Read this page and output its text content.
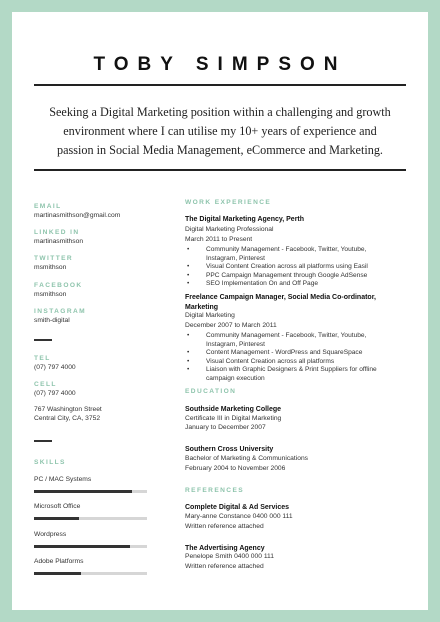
TOBY SIMPSON
Seeking a Digital Marketing position within a challenging and growth environment where I can utilise my 10+ years of experience and passion in Social Media Management, eCommerce and Marketing.
EMAIL
martinasmithson@gmail.com
LINKED IN
martinasmithson
TWITTER
msmithson
FACEBOOK
msmithson
INSTAGRAM
smith-digital
TEL
(07) 797 4000
CELL
(07) 797 4000
767 Washington Street
Central City, CA, 3752
SKILLS
PC / MAC Systems
Microsoft Office
Wordpress
Adobe Platforms
WORK EXPERIENCE
The Digital Marketing Agency, Perth
Digital Marketing Professional
March 2011 to Present
• Community Management - Facebook, Twitter, Youtube, Instagram, Pinterest
• Visual Content Creation across all platforms using Easil
• PPC Campaign Management through Google AdSense
• SEO Implementation On and Off Page
Freelance Campaign Manager, Social Media Co-ordinator, Marketing
Digital Marketing
December 2007 to March 2011
• Community Management - Facebook, Twitter, Youtube, Instagram, Pinterest
• Content Management - WordPress and SquareSpace
• Visual Content Creation across all platforms
• Liaison with Graphic Designers & Print Suppliers for offline campaign execution
EDUCATION
Southside Marketing College
Certificate III in Digital Marketing
January to December 2007
Southern Cross University
Bachelor of Marketing & Communications
February 2004 to November 2006
REFERENCES
Complete Digital & Ad Services
Mary-anne Constance 0400 000 111
Written reference attached
The Advertising Agency
Penelope Smith 0400 000 111
Written reference attached
